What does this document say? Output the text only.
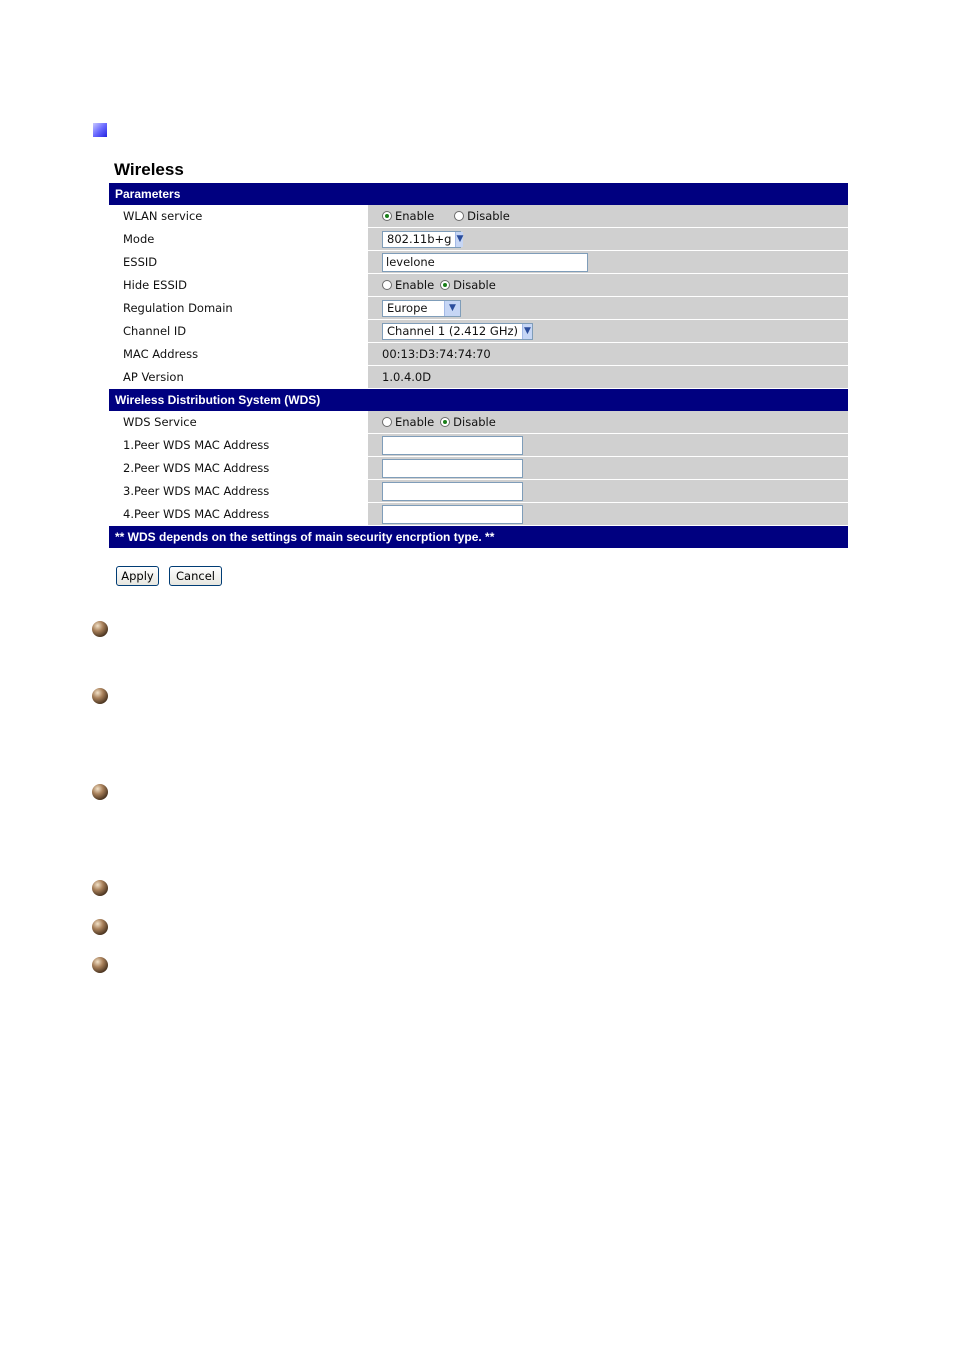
Wireless
Parameters
WLAN service	Enable	Disable
Mode	802.11b+g ▼
ESSID	levelone
Hide ESSID	Enable Disable
Regulation Domain	Europe	▼
Channel ID	Channel 1 (2.412 GHz) ▼
MAC Address	00:13:D3:74:74:70
AP Version	1.0.4.0D
Wireless Distribution System (WDS)
WDS Service	Enable Disable
1.Peer WDS MAC Address
2.Peer WDS MAC Address
3.Peer WDS MAC Address
4.Peer WDS MAC Address
** WDS depends on the settings of main security encrption type. **
Apply	Cancel
